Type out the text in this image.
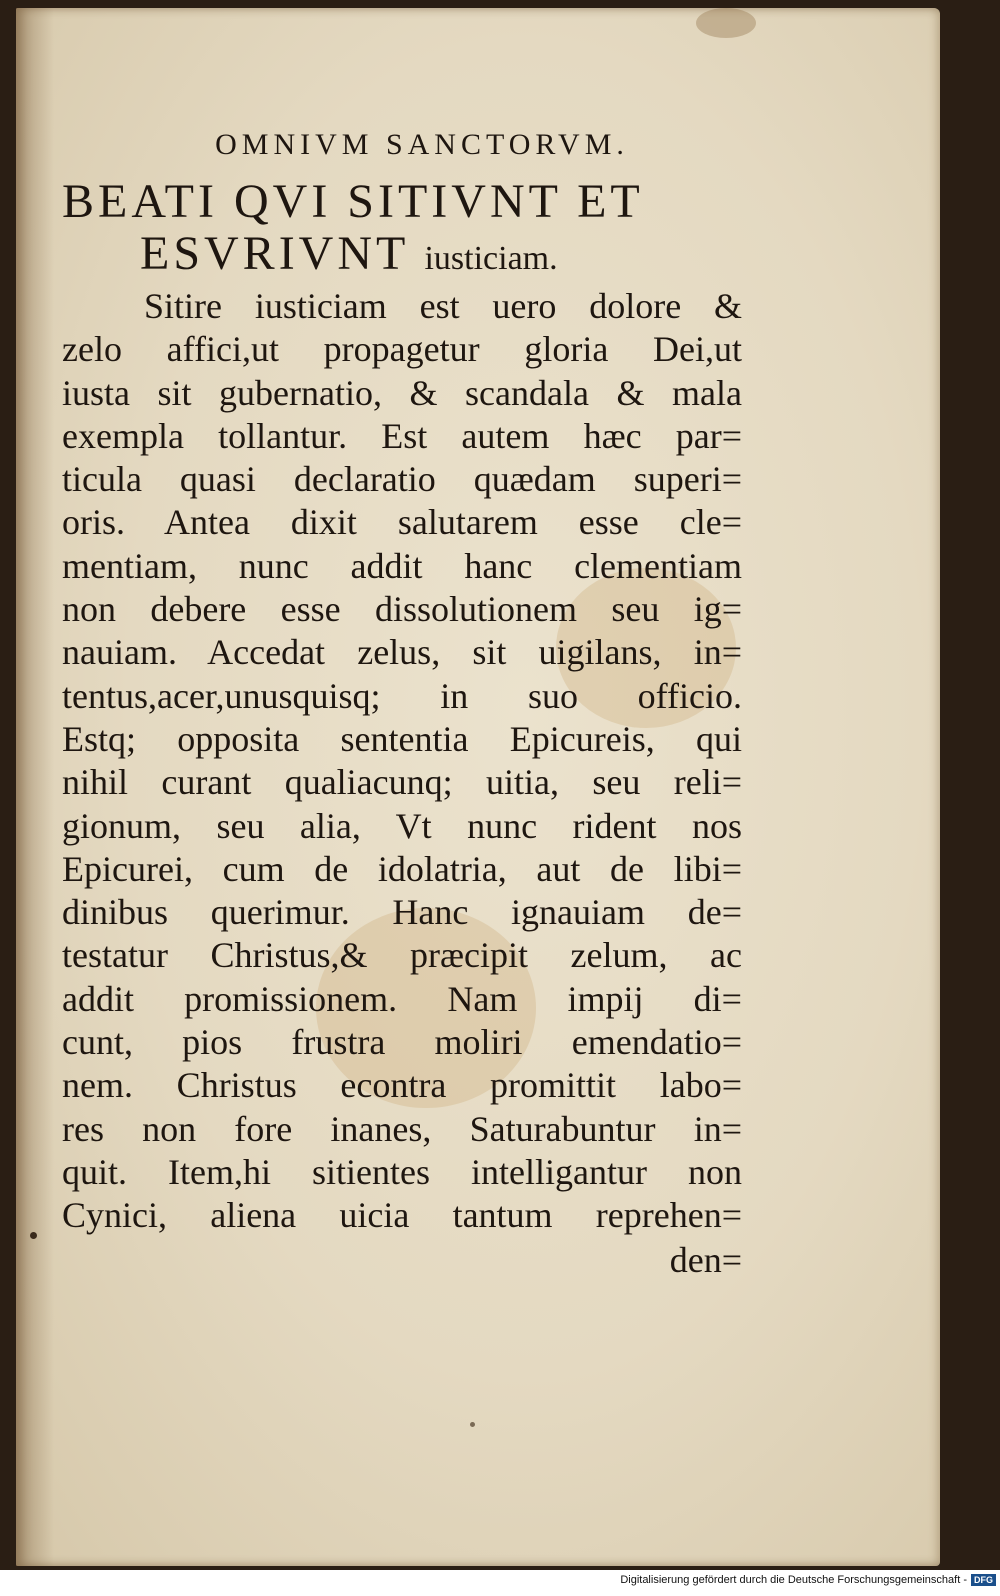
OMNIVM SANCTORVM.
BEATI QVI SITIVNT ET
ESVRIVNT iusticiam.
Sitire iusticiam est uero dolore &
zelo affici,ut propagetur gloria Dei,ut
iusta sit gubernatio, & scandala & mala
exempla tollantur. Est autem hæc par=
ticula quasi declaratio quædam superi=
oris. Antea dixit salutarem esse cle=
mentiam, nunc addit hanc clementiam
non debere esse dissolutionem seu ig=
nauiam. Accedat zelus, sit uigilans, in=
tentus,acer,unusquisq; in suo officio.
Estq; opposita sententia Epicureis, qui
nihil curant qualiacunq; uitia, seu reli=
gionum, seu alia, Vt nunc rident nos
Epicurei, cum de idolatria, aut de libi=
dinibus querimur. Hanc ignauiam de=
testatur Christus,& præcipit zelum, ac
addit promissionem. Nam impij di=
cunt, pios frustra moliri emendatio=
nem. Christus econtra promittit labo=
res non fore inanes, Saturabuntur in=
quit. Item,hi sitientes intelligantur non
Cynici, aliena uicia tantum reprehen=
den=
Digitalisierung gefördert durch die Deutsche Forschungsgemeinschaft - DFG
